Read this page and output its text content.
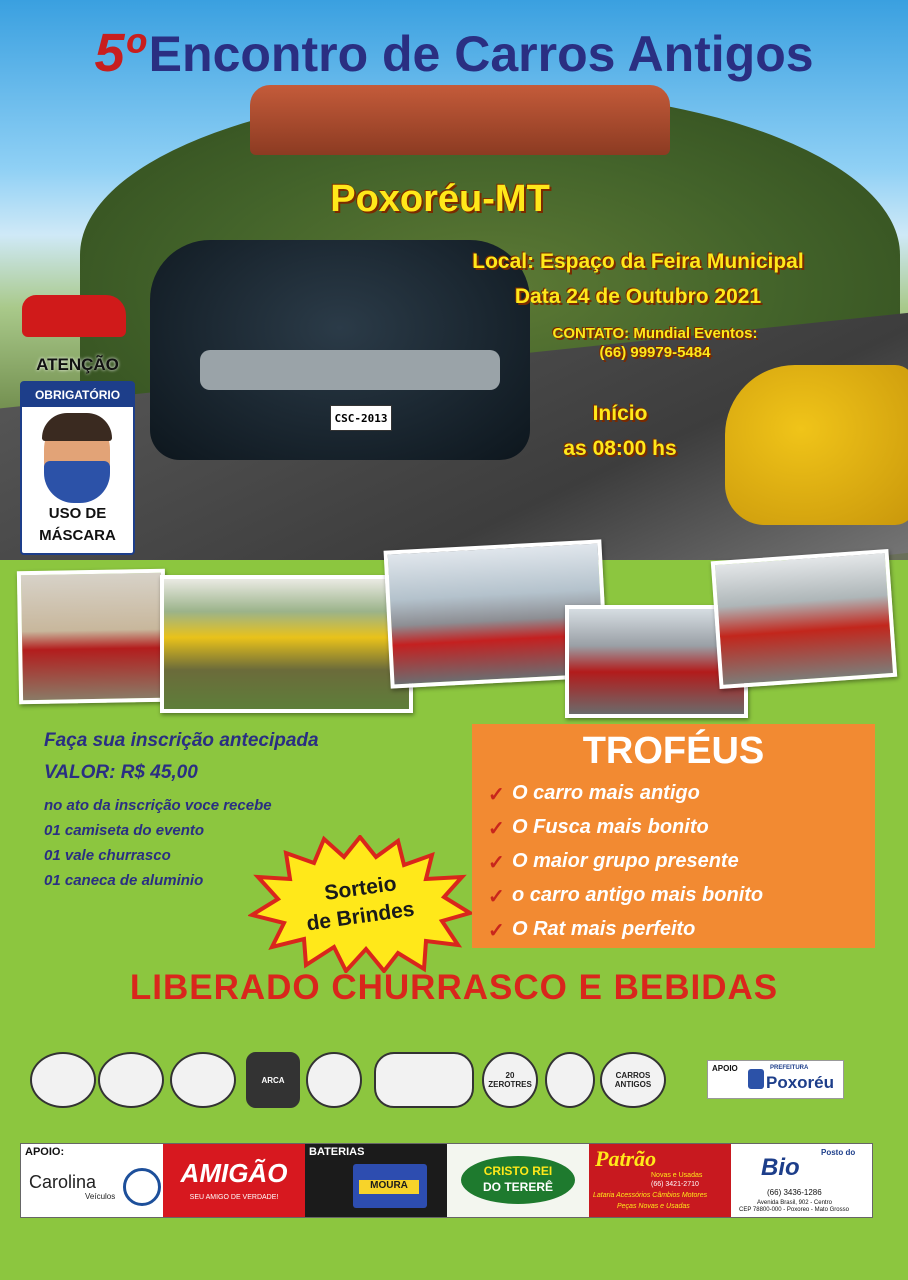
CSC-2013
5º Encontro de Carros Antigos
Poxoréu-MT
Local: Espaço da Feira Municipal
Data 24 de Outubro 2021
CONTATO: Mundial Eventos:
(66) 99979-5484
Início
as 08:00 hs
ATENÇÃO
OBRIGATÓRIO
USO DE
MÁSCARA
Faça sua inscrição antecipada
VALOR: R$ 45,00
no ato da inscrição voce recebe
01 camiseta do evento
01 vale churrasco
01 caneca de aluminio	Sorteio
de Brindes
TROFÉUS
✓ O carro mais antigo
✓ O Fusca mais bonito
✓ O maior grupo presente
✓ o carro antigo mais bonito
✓ O Rat mais perfeito
LIBERADO CHURRASCO E BEBIDAS
ARCA	20 ZEROTRES
CARROS ANTIGOS
APOIO	PREFEITURA
Poxoréu
APOIO:
Carolina
Veículos
AMIGÃO
SEU AMIGO DE VERDADE!
BATERIAS
MOURA
CRISTO REI
DO TERERÊ
Patrão
Novas e Usadas
(66) 3421-2710
Lataria Acessórios Câmbios Motores
Peças Novas e Usadas
Posto do
Bio
(66) 3436-1286
Avenida Brasil, 902 - Centro
CEP 78800-000 - Poxoreo - Mato Grosso
